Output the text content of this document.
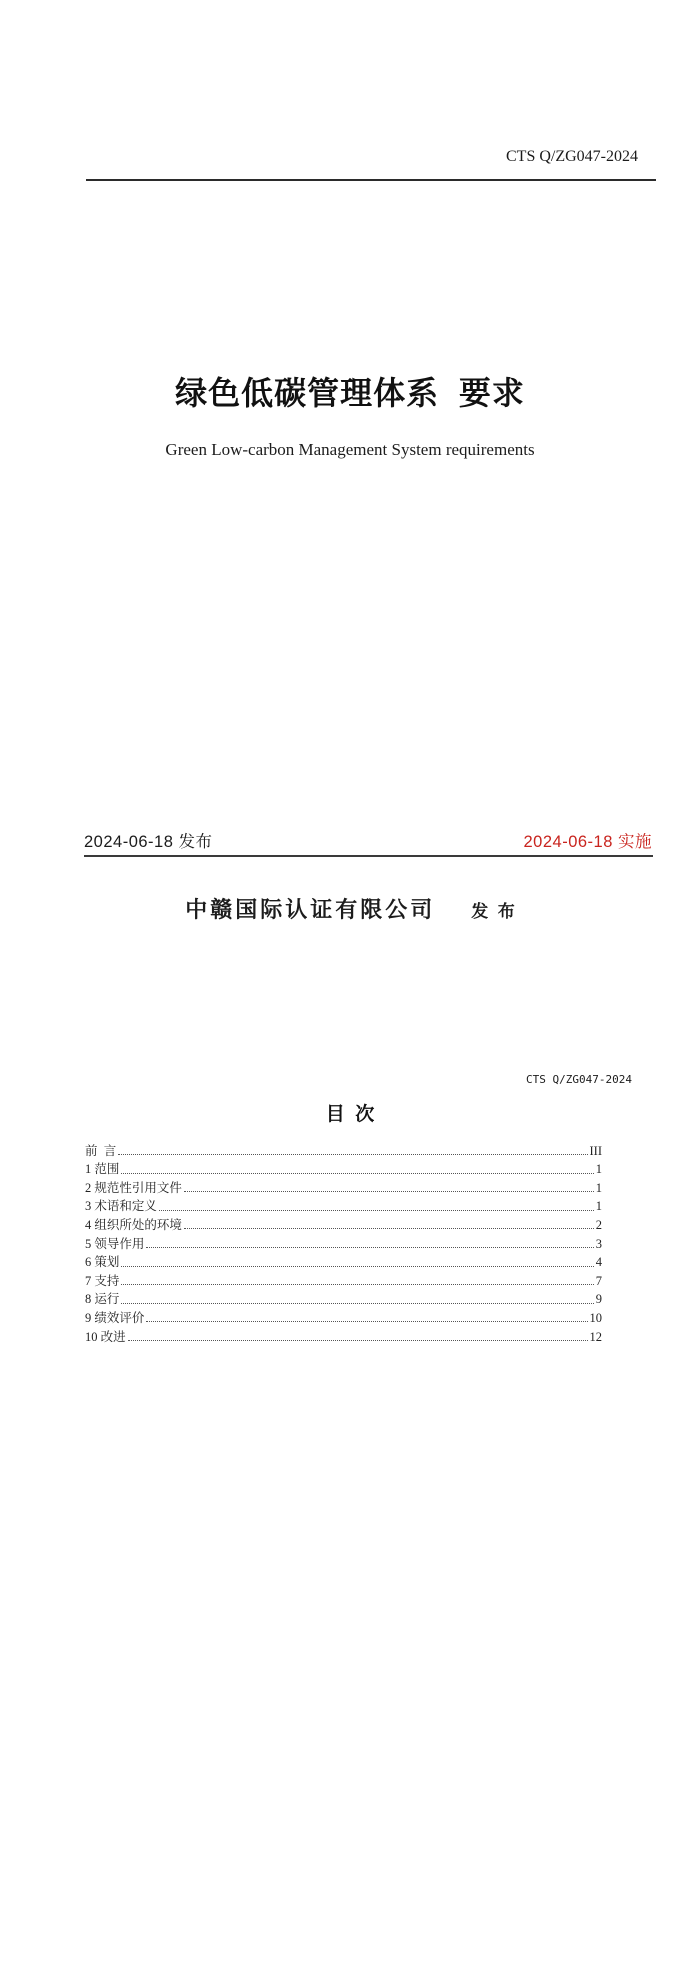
CTS Q/ZG047-2024
绿色低碳管理体系  要求
Green Low-carbon Management System requirements
2024-06-18 发布	2024-06-18 实施
中赣国际认证有限公司 发  布
CTS Q/ZG047-2024
目  次
前  言	III
1 范围	1
2 规范性引用文件	1
3 术语和定义	1
4 组织所处的环境	2
5 领导作用	3
6 策划	4
7 支持	7
8 运行	9
9 绩效评价	10
10 改进	12
